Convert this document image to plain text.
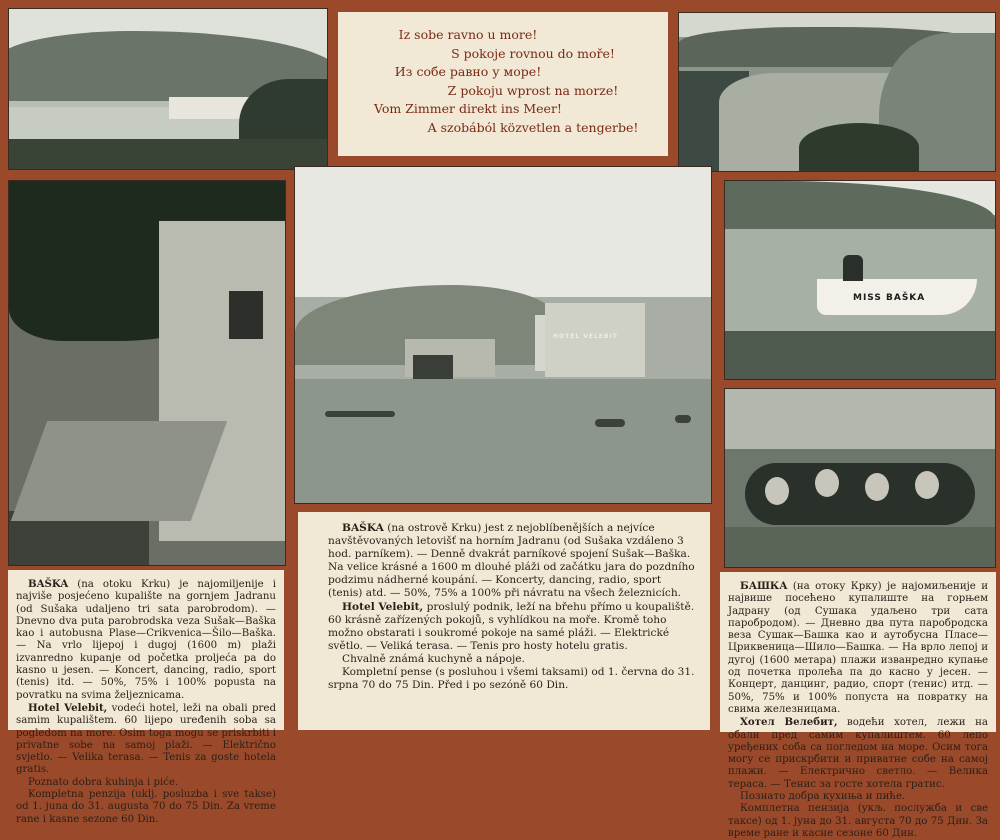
Iz sobe ravno u more!
S pokoje rovnou do moře!
Из собе равно у море!
Z pokoju wprost na morze!
Vom Zimmer direkt ins Meer!
A szobából közvetlen a tengerbe!
HOTEL VELEBIT
MISS BAŠKA

BAŠKA (na otoku Krku) je najomiljenije i najviše posjećeno kupalište na gornjem Jadranu (od Sušaka udaljeno tri sata parobrodom). — Dnevno dva puta parobrodska veza Sušak—Baška kao i autobusna Plase—Crikvenica—Šilo—Baška. — Na vrlo lijepoj i dugoj (1600 m) plaži izvanredno kupanje od početka proljeća pa do kasno u jesen. — Koncert, dancing, radio, sport (tenis) itd. — 50%, 75% i 100% popusta na povratku na svima željeznicama.

Hotel Velebit, vodeći hotel, leži na obali pred samim kupalištem. 60 lijepo uređenih soba sa pogledom na more. Osim toga mogu se priskrbiti i privatne sobe na samoj plaži. — Električno svjetlo. — Velika terasa. — Tenis za goste hotela gratis.

Poznato dobra kuhinja i piće.

Kompletna penzija (uklj. posluzba i sve takse) od 1. juna do 31. augusta 70 do 75 Din. Za vreme rane i kasne sezone 60 Din.

BAŠKA (na ostrově Krku) jest z nejoblíbenějších a nejvíce navštěvovaných letovišť na horním Jadranu (od Sušaka vzdáleno 3 hod. parníkem). — Denně dvakrát parníkové spojení Sušak—Baška. Na velice krásné a 1600 m dlouhé pláži od začátku jara do pozdního podzimu nádherné koupání. — Koncerty, dancing, radio, sport (tenis) atd. — 50%, 75% a 100% při návratu na všech železnicích.

Hotel Velebit, proslulý podnik, leží na břehu přímo u koupaliště. 60 krásně zařízených pokojů, s vyhlídkou na moře. Kromě toho možno obstarati i soukromé pokoje na samé pláži. — Elektrické světlo. — Veliká terasa. — Tenis pro hosty hotelu gratis.

Chvalně známá kuchyně a nápoje.

Kompletní pense (s posluhou i všemi taksami) od 1. června do 31. srpna 70 do 75 Din. Před i po sezóně 60 Din.

БАШКА (на отоку Крку) је најомиљеније и највише посећено купалиште на горњем Јадрану (од Сушака удаљено три сата паробродом). — Дневно два пута паробродска веза Сушак—Башка као и аутобусна Пласе—Цриквеница—Шило—Башка. — На врло лепој и дугој (1600 метара) плажи изванредно купање од почетка пролећа па до касно у јесен. — Концерт, данцинг, радио, спорт (тенис) итд. — 50%, 75% и 100% попуста на повратку на свима железницама.

Хотел Велебит, водећи хотел, лежи на обали пред самим купалиштем. 60 лепо уређених соба са погледом на море. Осим тога могу се прискрбити и приватне собе на самој плажи. — Електрично светло. — Велика тераса. — Тенис за госте хотела гратис.

Познато добра кухиња и пиће.

Комплетна пензија (укљ. послужба и све таксе) од 1. јуна до 31. августа 70 до 75 Дин. За време ране и касне сезоне 60 Дин.
